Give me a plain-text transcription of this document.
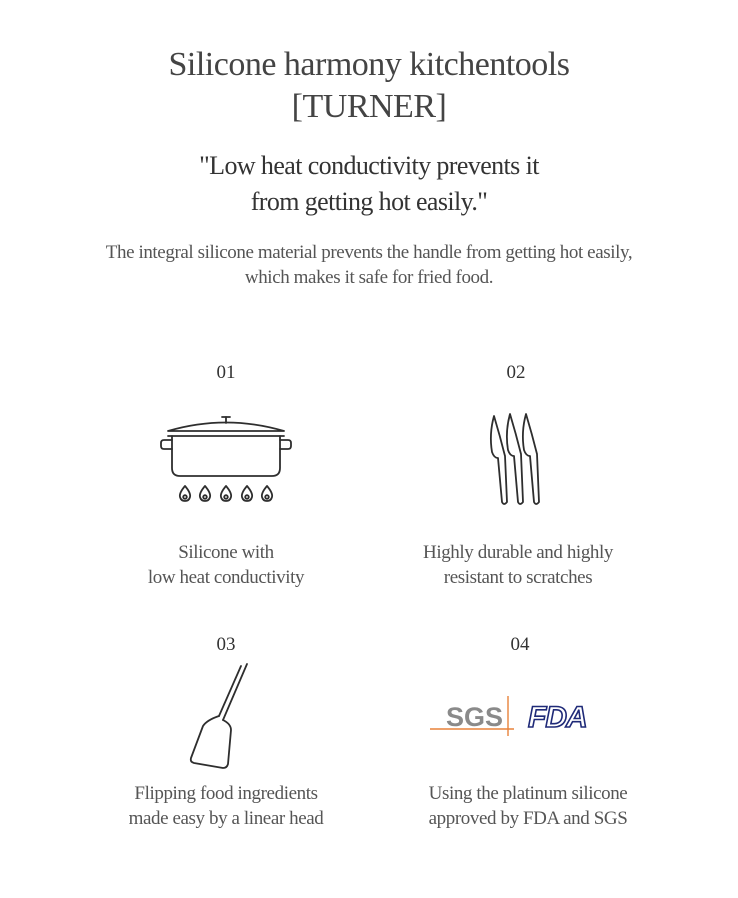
Silicone harmony kitchentools
[TURNER]
"Low heat conductivity prevents it
from getting hot easily."
The integral silicone material prevents the handle from getting hot easily,
which makes it safe for fried food.
01
Silicone with
low heat conductivity
02
Highly durable and highly
resistant to scratches
03
Flipping food ingredients
made easy by a linear head
04
SGS FDA
Using the platinum silicone
approved by FDA and SGS
